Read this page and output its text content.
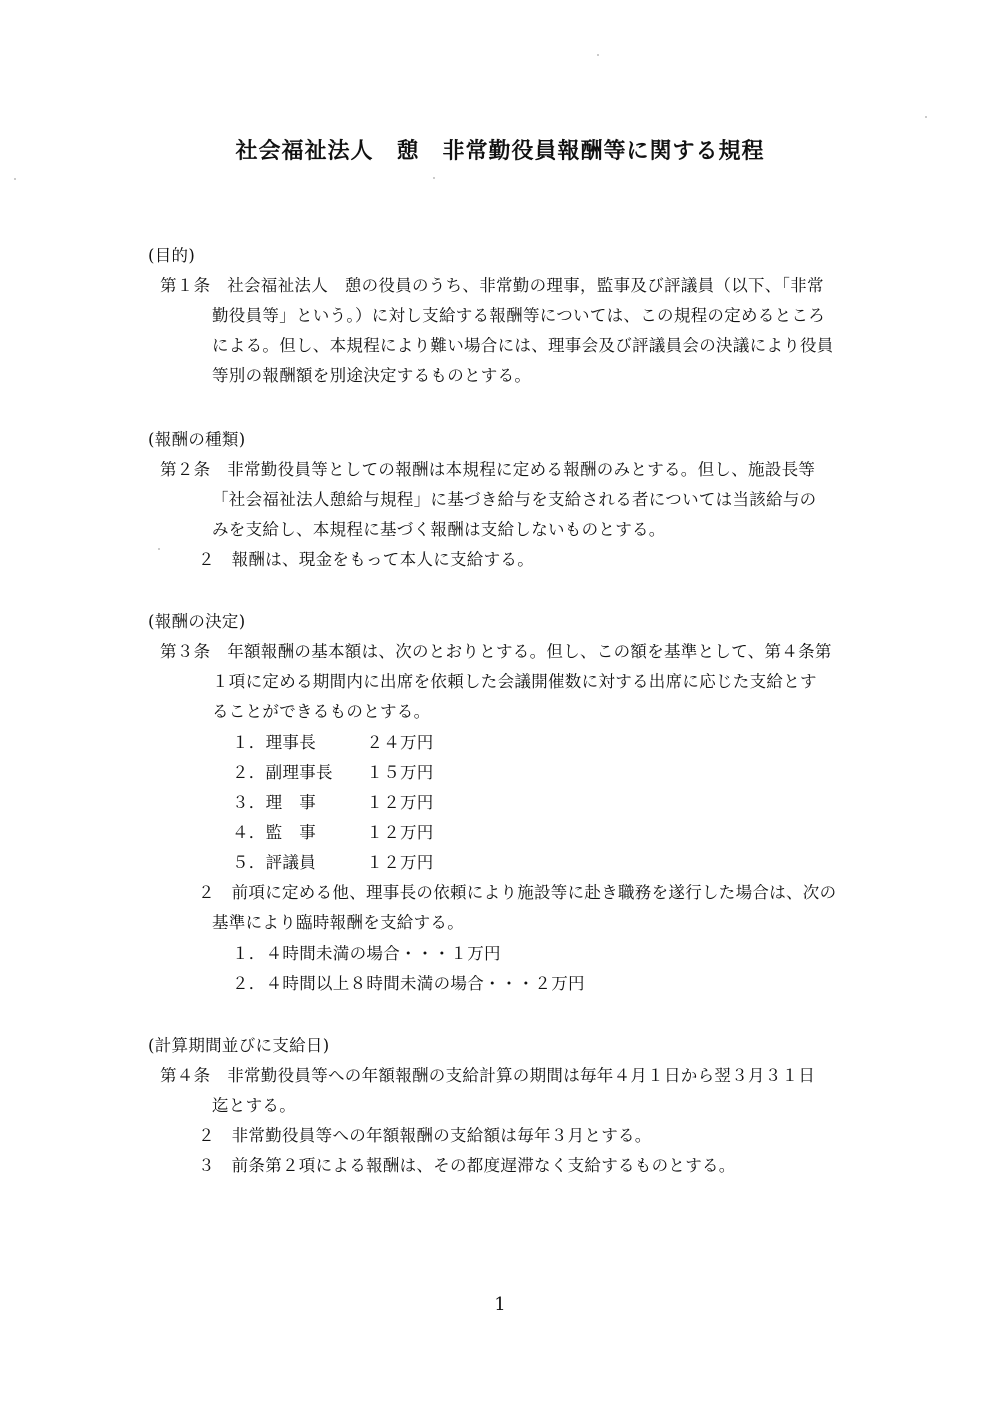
社会福祉法人　憩　非常勤役員報酬等に関する規程
(目的)
第１条　社会福祉法人　憩の役員のうち、非常勤の理事，監事及び評議員（以下、「非常
勤役員等」という。）に対し支給する報酬等については、この規程の定めるところ
による。但し、本規程により難い場合には、理事会及び評議員会の決議により役員
等別の報酬額を別途決定するものとする。
(報酬の種類)
第２条　非常勤役員等としての報酬は本規程に定める報酬のみとする。但し、施設長等
「社会福祉法人憩給与規程」に基づき給与を支給される者については当該給与の
みを支給し、本規程に基づく報酬は支給しないものとする。
２　報酬は、現金をもって本人に支給する。
(報酬の決定)
第３条　年額報酬の基本額は、次のとおりとする。但し、この額を基準として、第４条第
１項に定める期間内に出席を依頼した会議開催数に対する出席に応じた支給とす
ることができるものとする。
１．理事長　　　２４万円
２．副理事長　　１５万円
３．理　事　　　１２万円
４．監　事　　　１２万円
５．評議員　　　１２万円
２　前項に定める他、理事長の依頼により施設等に赴き職務を遂行した場合は、次の
基準により臨時報酬を支給する。
１．４時間未満の場合・・・１万円
２．４時間以上８時間未満の場合・・・２万円
(計算期間並びに支給日)
第４条　非常勤役員等への年額報酬の支給計算の期間は毎年４月１日から翌３月３１日
迄とする。
２　非常勤役員等への年額報酬の支給額は毎年３月とする。
３　前条第２項による報酬は、その都度遅滞なく支給するものとする。
1
